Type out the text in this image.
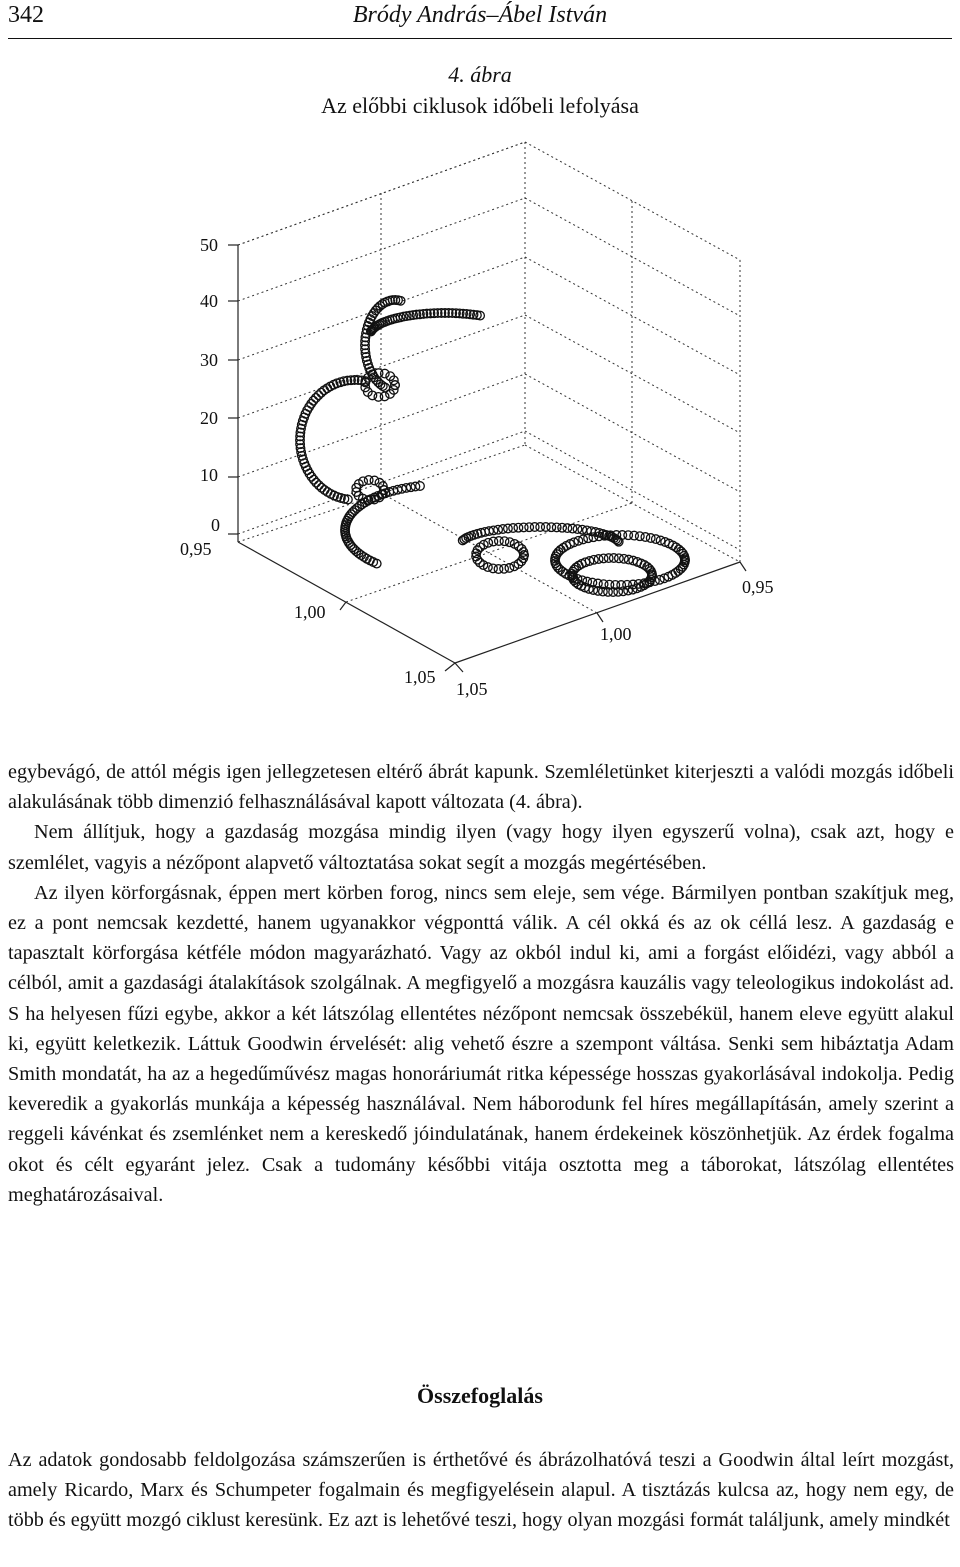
342	Bródy András–Ábel István
4. ábra
Az előbbi ciklusok időbeli lefolyása
50
40
30
20
10
0
0,95
1,00
1,05
1,05
1,00
0,95

egybevágó, de attól mégis igen jellegzetesen eltérő ábrát kapunk. Szemléletünket kiterjeszti a valódi mozgás időbeli alakulásának több dimenzió felhasználásával kapott változata (4. ábra).

Nem állítjuk, hogy a gazdaság mozgása mindig ilyen (vagy hogy ilyen egyszerű volna), csak azt, hogy e szemlélet, vagyis a nézőpont alapvető változtatása sokat segít a mozgás megértésében.

Az ilyen körforgásnak, éppen mert körben forog, nincs sem eleje, sem vége. Bármilyen pontban szakítjuk meg, ez a pont nemcsak kezdetté, hanem ugyanakkor végponttá válik. A cél okká és az ok céllá lesz. A gazdaság e tapasztalt körforgása kétféle módon magyarázható. Vagy az okból indul ki, ami a forgást előidézi, vagy abból a célból, amit a gazdasági átalakítások szolgálnak. A megfigyelő a mozgásra kauzális vagy teleologikus indokolást ad. S ha helyesen fűzi egybe, akkor a két látszólag ellentétes nézőpont nemcsak összebékül, hanem eleve együtt alakul ki, együtt keletkezik. Láttuk Goodwin érvelését: alig vehető észre a szempont váltása. Senki sem hibáztatja Adam Smith mondatát, ha az a hegedűművész magas honoráriumát ritka képessége hosszas gyakorlásával indokolja. Pedig keveredik a gyakorlás munkája a képesség használával. Nem háborodunk fel híres megállapításán, amely szerint a reggeli kávénkat és zsemlénket nem a kereskedő jóindulatának, hanem érdekeinek köszönhetjük. Az érdek fogalma okot és célt egyaránt jelez. Csak a tudomány későbbi vitája osztotta meg a táborokat, látszólag ellentétes meghatározásaival.

Összefoglalás

Az adatok gondosabb feldolgozása számszerűen is érthetővé és ábrázolhatóvá teszi a Goodwin által leírt mozgást, amely Ricardo, Marx és Schumpeter fogalmain és megfigyelésein alapul. A tisztázás kulcsa az, hogy nem egy, de több és együtt mozgó ciklust keresünk. Ez azt is lehetővé teszi, hogy olyan mozgási formát találjunk, amely mindkét
